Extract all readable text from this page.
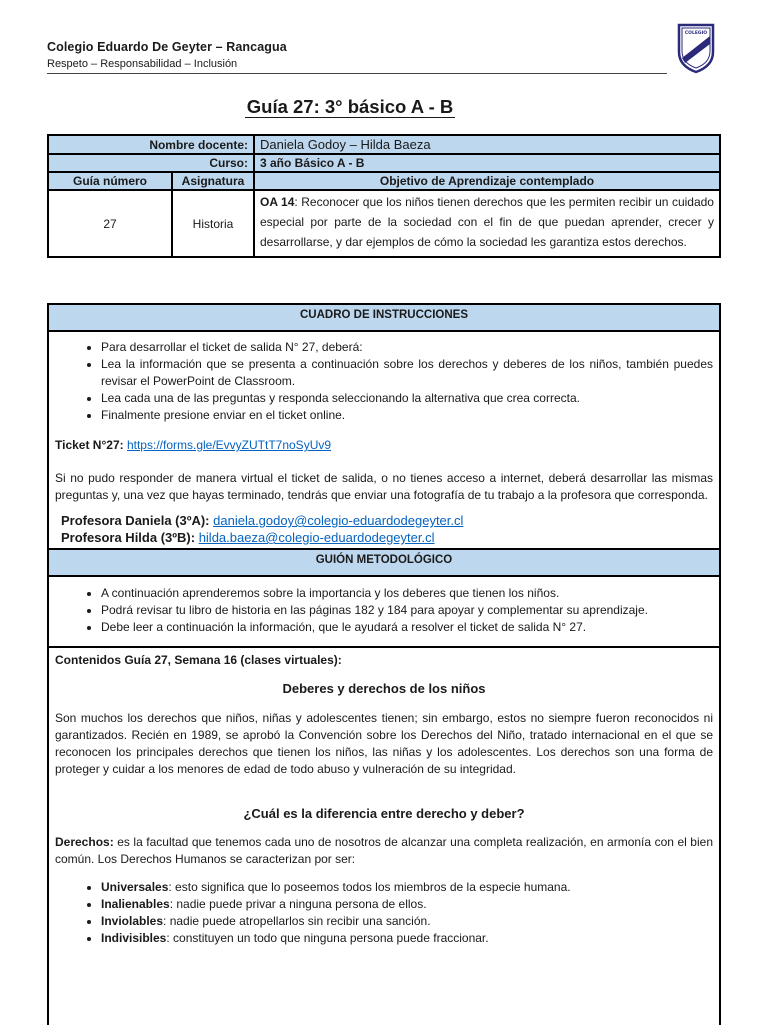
Colegio Eduardo De Geyter – Rancagua
Respeto – Responsabilidad – Inclusión
COLEGIO
Guía 27: 3° básico A - B
Nombre docente:		Daniela Godoy – Hilda Baeza
Curso:		3 año Básico A - B
Guía número	Asignatura	Objetivo de Aprendizaje contemplado
27	Historia	OA 14: Reconocer que los niños tienen derechos que les permiten recibir un cuidado especial por parte de la sociedad con el fin de que puedan aprender, crecer y desarrollarse, y dar ejemplos de cómo la sociedad les garantiza estos derechos.
CUADRO DE INSTRUCCIONES
• Para desarrollar el ticket de salida N° 27, deberá:
• Lea la información que se presenta a continuación sobre los derechos y deberes de los niños, también puedes revisar el PowerPoint de Classroom.
• Lea cada una de las preguntas y responda seleccionando la alternativa que crea correcta.
• Finalmente presione enviar en el ticket online.

Ticket N°27: https://forms.gle/EvvyZUTtT7noSyUv9

Si no pudo responder de manera virtual el ticket de salida, o no tienes acceso a internet, deberá desarrollar las mismas preguntas y, una vez que hayas terminado, tendrás que enviar una fotografía de tu trabajo a la profesora que corresponda.

Profesora Daniela (3ºA): daniela.godoy@colegio-eduardodegeyter.cl
Profesora Hilda (3ºB): hilda.baeza@colegio-eduardodegeyter.cl
GUIÓN METODOLÓGICO
• A continuación aprenderemos sobre la importancia y los deberes que tienen los niños.
• Podrá revisar tu libro de historia en las páginas 182 y 184 para apoyar y complementar su aprendizaje.
• Debe leer a continuación la información, que le ayudará a resolver el ticket de salida N° 27.

Contenidos Guía 27, Semana 16 (clases virtuales):

Deberes y derechos de los niños

Son muchos los derechos que niños, niñas y adolescentes tienen; sin embargo, estos no siempre fueron reconocidos ni garantizados. Recién en 1989, se aprobó la Convención sobre los Derechos del Niño, tratado internacional en el que se reconocen los principales derechos que tienen los niños, las niñas y los adolescentes. Los derechos son una forma de proteger y cuidar a los menores de edad de todo abuso y vulneración de su integridad.

¿Cuál es la diferencia entre derecho y deber?

Derechos: es la facultad que tenemos cada uno de nosotros de alcanzar una completa realización, en armonía con el bien común. Los Derechos Humanos se caracterizan por ser:

• Universales: esto significa que lo poseemos todos los miembros de la especie humana.
• Inalienables: nadie puede privar a ninguna persona de ellos.
• Inviolables: nadie puede atropellarlos sin recibir una sanción.
• Indivisibles: constituyen un todo que ninguna persona puede fraccionar.
